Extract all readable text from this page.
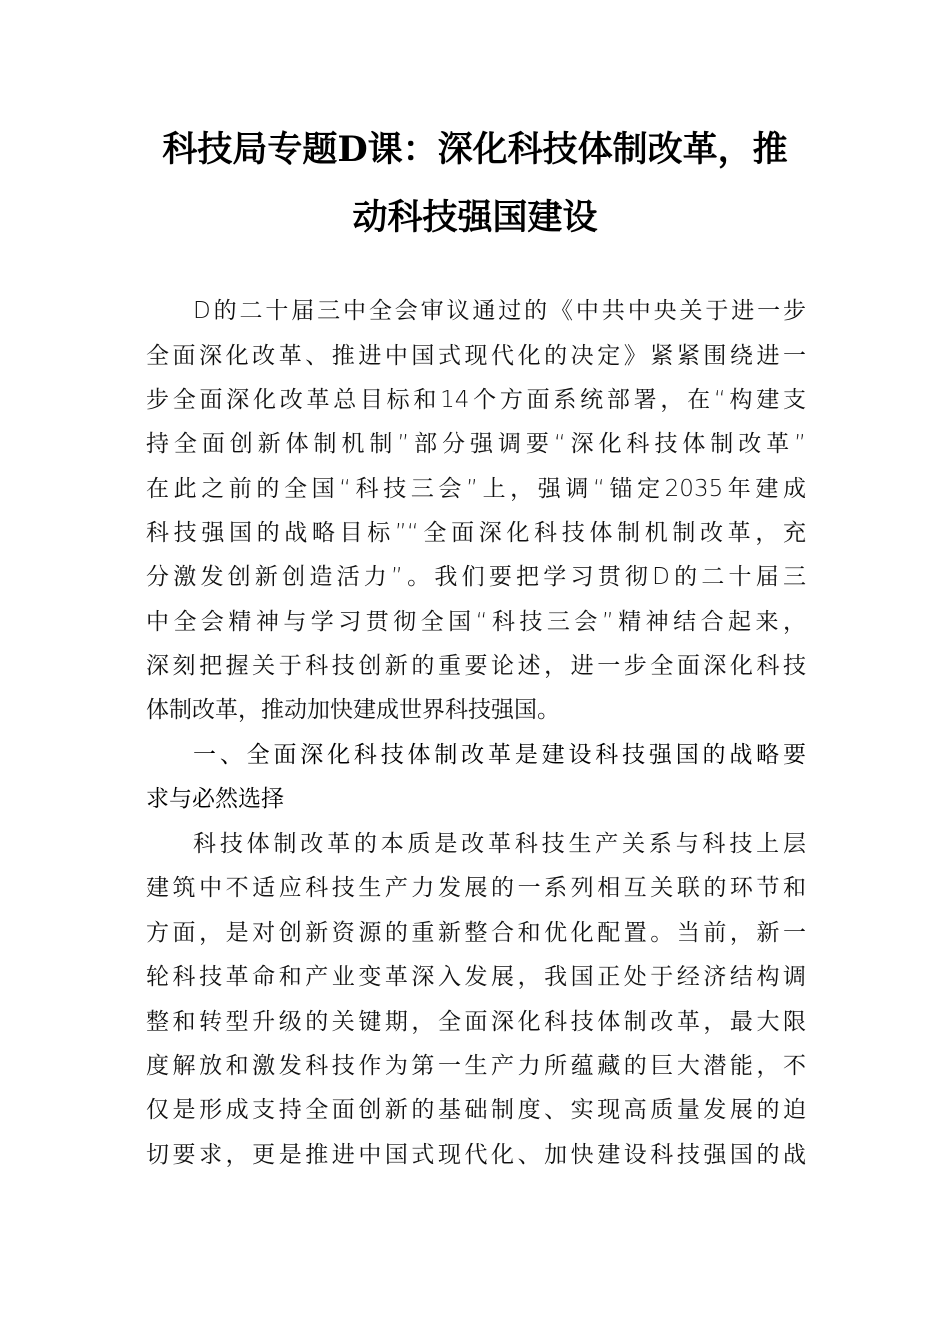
科技局专题D课：深化科技体制改革，推
动科技强国建设
D的二十届三中全会审议通过的《中共中央关于进一步
全面深化改革、推进中国式现代化的决定》紧紧围绕进一
步全面深化改革总目标和14个方面系统部署，在“构建支
持全面创新体制机制”部分强调要“深化科技体制改革”
在此之前的全国“科技三会”上，强调“锚定2035年建成
科技强国的战略目标”“全面深化科技体制机制改革，充
分激发创新创造活力”。我们要把学习贯彻D的二十届三
中全会精神与学习贯彻全国“科技三会”精神结合起来，
深刻把握关于科技创新的重要论述，进一步全面深化科技
体制改革，推动加快建成世界科技强国。
一、全面深化科技体制改革是建设科技强国的战略要
求与必然选择
科技体制改革的本质是改革科技生产关系与科技上层
建筑中不适应科技生产力发展的一系列相互关联的环节和
方面，是对创新资源的重新整合和优化配置。当前，新一
轮科技革命和产业变革深入发展，我国正处于经济结构调
整和转型升级的关键期，全面深化科技体制改革，最大限
度解放和激发科技作为第一生产力所蕴藏的巨大潜能，不
仅是形成支持全面创新的基础制度、实现高质量发展的迫
切要求，更是推进中国式现代化、加快建设科技强国的战
